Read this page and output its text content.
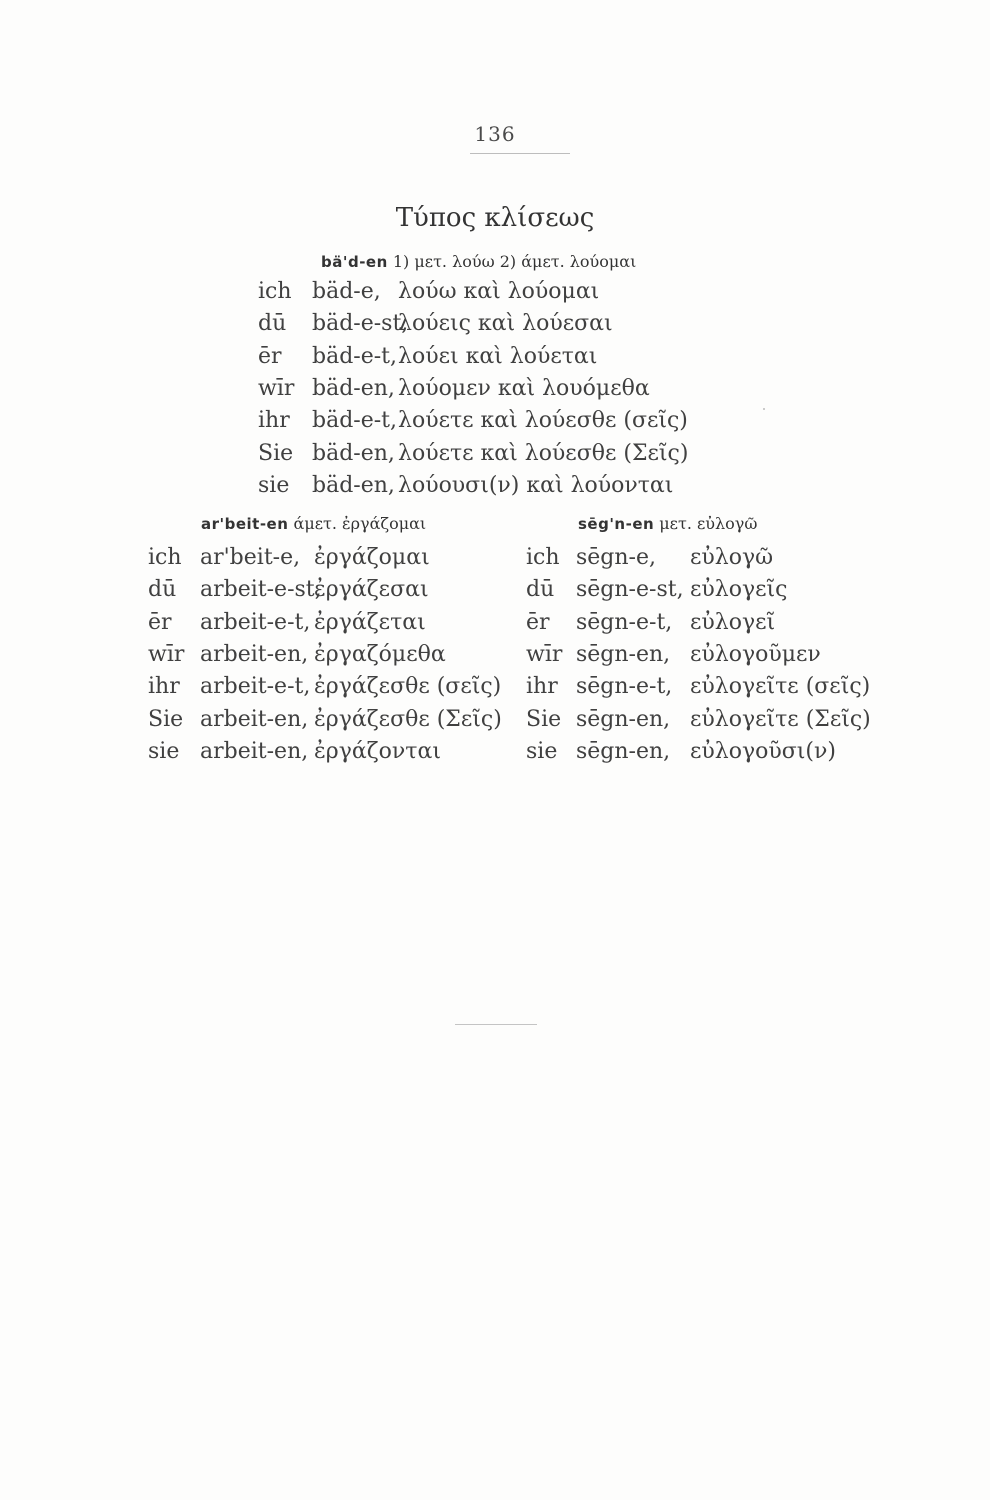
136
Τύπος κλίσεως
bä'd-en 1) μετ. λούω 2) άμετ. λούομαι
ich bäd-e, λούω καὶ λούομαι
dū bäd-e-st,
λούεις καὶ λούεσαι
ēr bäd-e-t, λούει καὶ λούεται
wīr bäd-en, λούομεν καὶ λουόμεθα
ihr bäd-e-t, λούετε καὶ λούεσθε (σεῖς)
Sie bäd-en, λούετε καὶ λούεσθε (Σεῖς)
sie bäd-en, λούουσι(ν) καὶ λούονται
ar'beit-en άμετ. ἐργάζομαι
ich ar'beit-e, ἐργάζομαι
dū arbeit-e-st,
ἐργάζεσαι
ēr arbeit-e-t, ἐργάζεται
wīr arbeit-en, ἐργαζόμεθα
ihr arbeit-e-t, ἐργάζεσθε (σεῖς)
Sie arbeit-en, ἐργάζεσθε (Σεῖς)
sie arbeit-en, ἐργάζονται
sēg'n-en μετ. εὐλογῶ
ich sēgn-e, εὐλογῶ
dū sēgn-e-st, εὐλογεῖς
ēr sēgn-e-t, εὐλογεῖ
wīr sēgn-en, εὐλογοῦμεν
ihr sēgn-e-t, εὐλογεῖτε (σεῖς)
Sie sēgn-en, εὐλογεῖτε (Σεῖς)
sie sēgn-en, εὐλογοῦσι(ν)
